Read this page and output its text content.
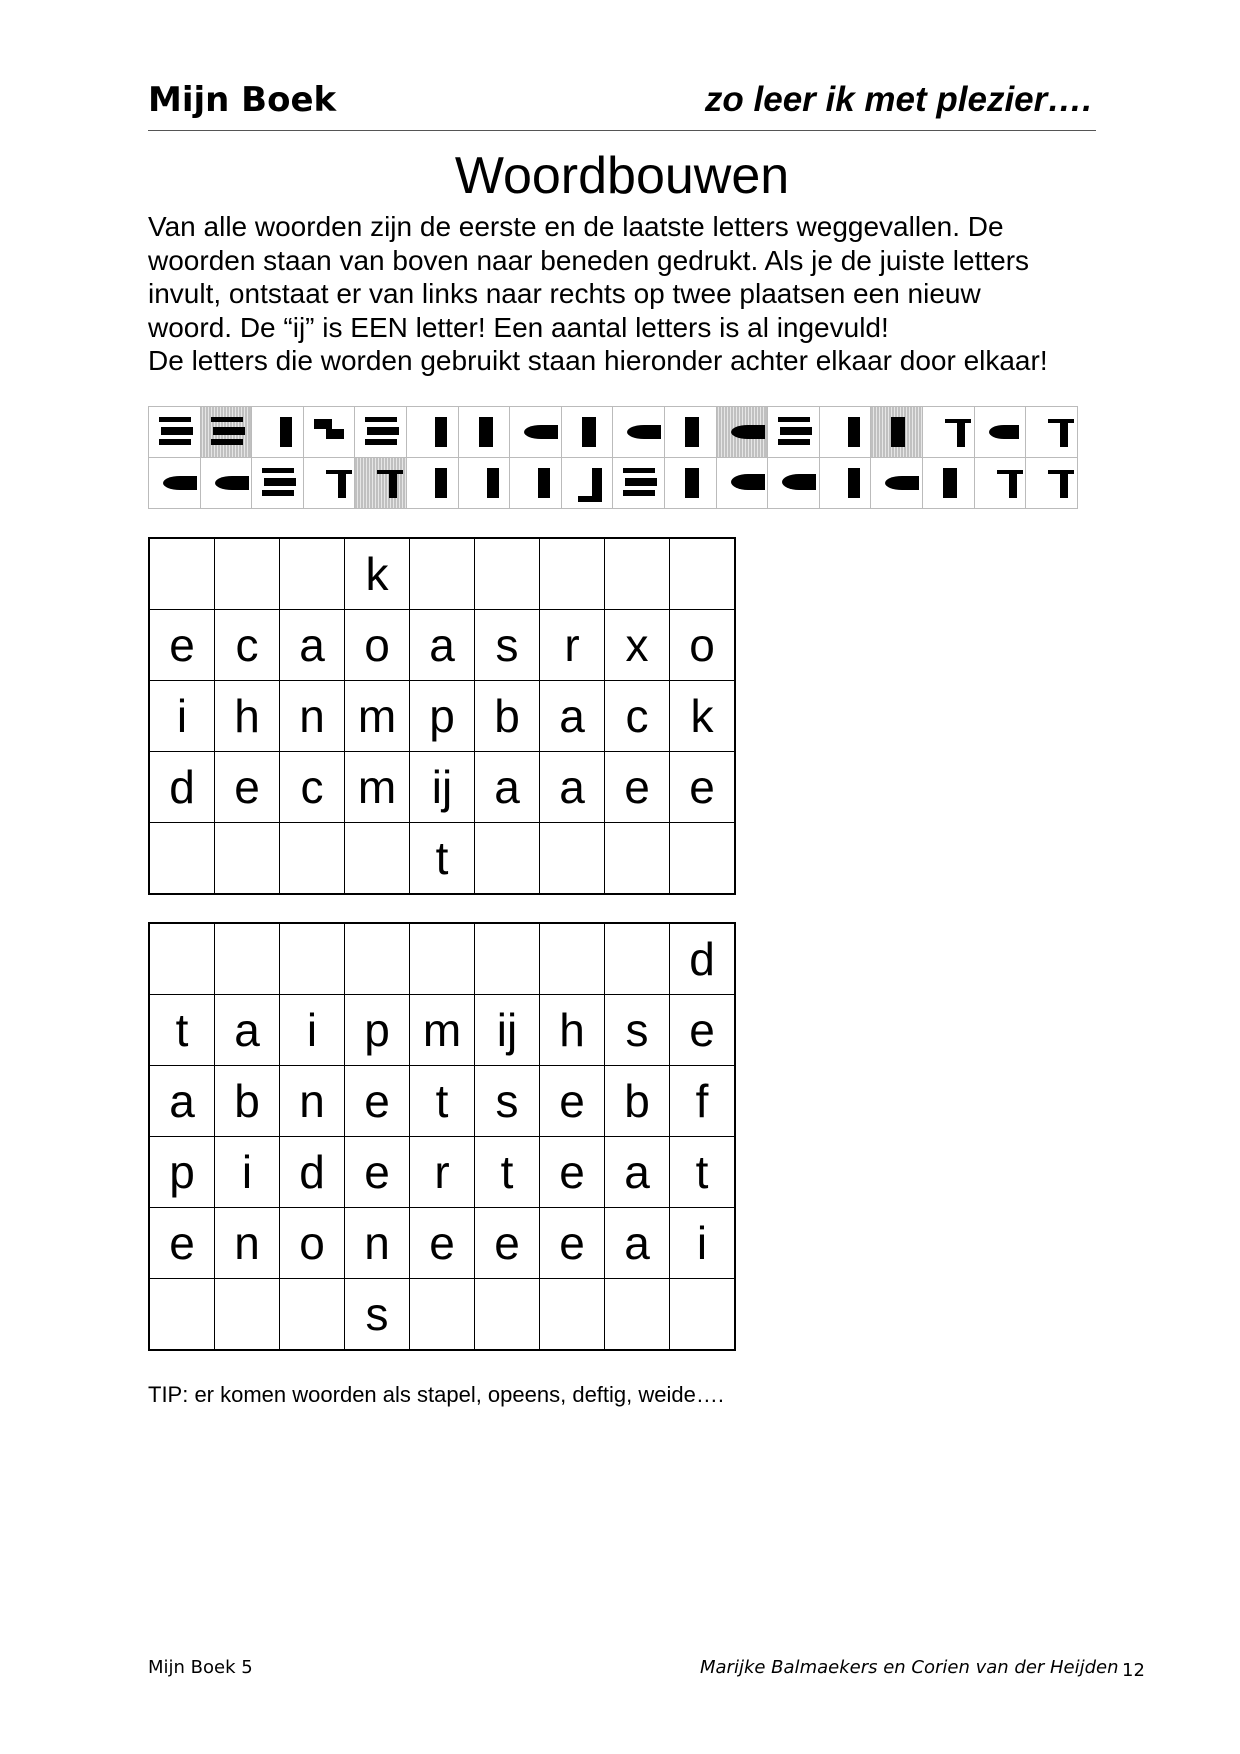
Mijn Boek	zo leer ik met plezier….
Woordbouwen
Van alle woorden zijn de eerste en de laatste letters weggevallen. De
woorden staan van boven naar beneden gedrukt. Als je de juiste letters
invult, ontstaat er van links naar rechts op twee plaatsen een nieuw
woord. De “ij” is EEN letter! Een aantal letters is al ingevuld!
De letters die worden gebruikt staan hieronder achter elkaar door elkaar!

			k					
e	c	a	o	a	s	r	x	o
i	h	n	m	p	b	a	c	k
d	e	c	m	ij	a	a	e	e
				t				
								d
t	a	i	p	m	ij	h	s	e
a	b	n	e	t	s	e	b	f
p	i	d	e	r	t	e	a	t
e	n	o	n	e	e	e	a	i
			s					
TIP: er komen woorden als stapel, opeens, deftig, weide….
Mijn Boek 5	Marijke Balmaekers en Corien van der Heijden 12
